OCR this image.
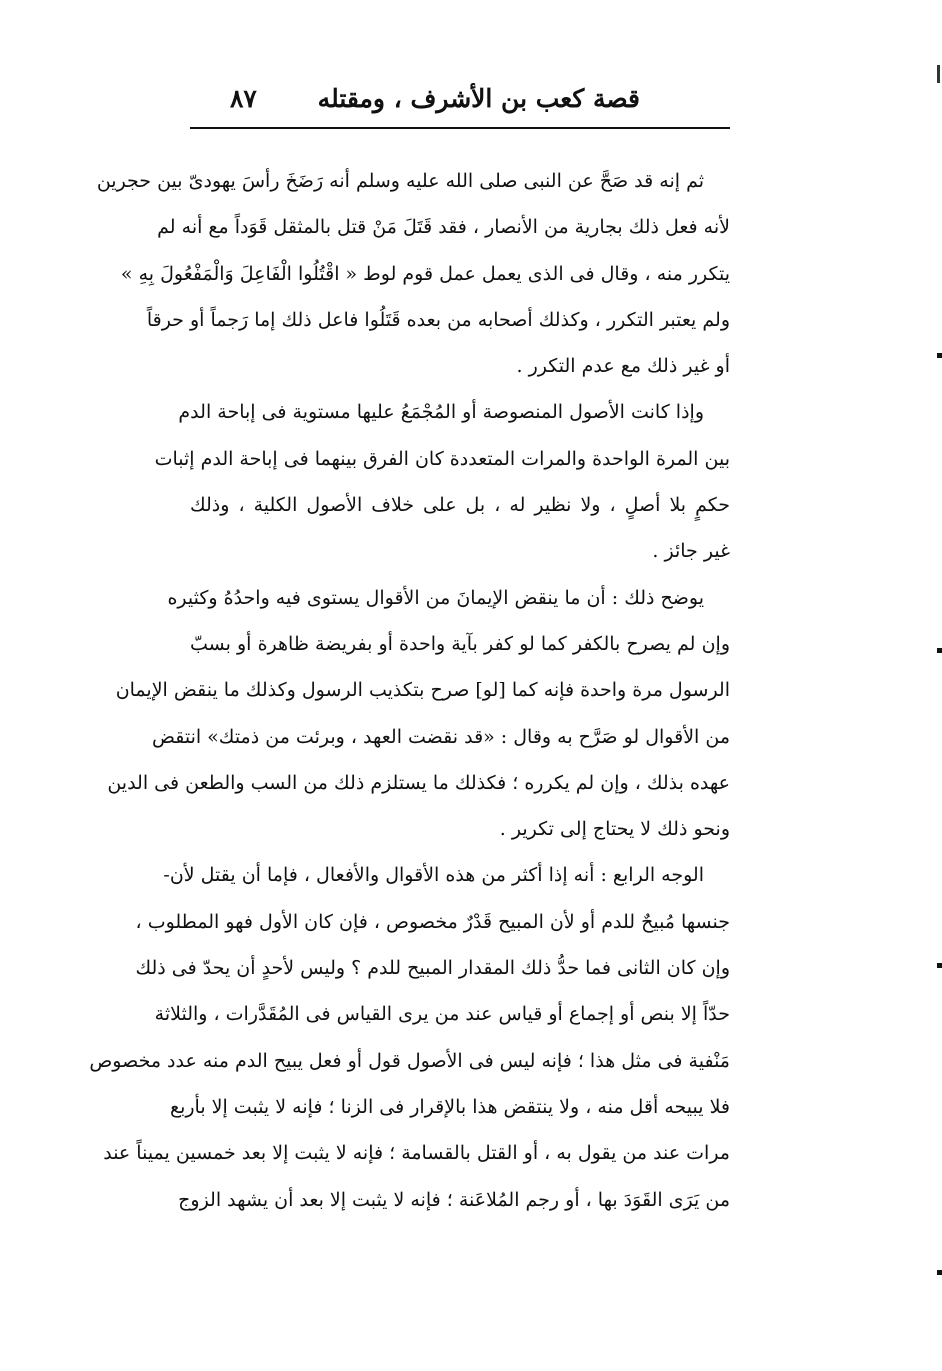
قصة كعب بن الأشرف ، ومقتله
٨٧
ثم إنه قد صَحَّ عن النبى صلى الله عليه وسلم أنه رَضَخَ رأسَ يهودىّ بين حجرين
لأنه فعل ذلك بجارية من الأنصار ، فقد قَتَلَ مَنْ قتل بالمثقل قَوَداً مع أنه لم
يتكرر منه ، وقال فى الذى يعمل عمل قوم لوط « اقْتُلُوا الْفَاعِلَ وَالْمَفْعُولَ بِهِ »
ولم يعتبر التكرر ، وكذلك أصحابه من بعده قَتَلُوا فاعل ذلك إما رَجماً أو حرقاً
أو غير ذلك مع عدم التكرر .
وإذا كانت الأصول المنصوصة أو المُجْمَعُ عليها مستوية فى إباحة الدم
بين المرة الواحدة والمرات المتعددة كان الفرق بينهما فى إباحة الدم إثبات
حكمٍ بلا أصلٍ ، ولا نظير له ، بل على خلاف الأصول الكلية ، وذلك
غير جائز .
يوضح ذلك : أن ما ينقض الإيمانَ من الأقوال يستوى فيه واحدُهُ وكثيره
وإن لم يصرح بالكفر كما لو كفر بآية واحدة أو بفريضة ظاهرة أو بسبّ
الرسول مرة واحدة فإنه كما [لو] صرح بتكذيب الرسول وكذلك ما ينقض الإيمان
من الأقوال لو صَرَّح به وقال : «قد نقضت العهد ، وبرئت من ذمتك» انتقض
عهده بذلك ، وإن لم يكرره ؛ فكذلك ما يستلزم ذلك من السب والطعن فى الدين
ونحو ذلك لا يحتاج إلى تكرير .
الوجه الرابع : أنه إذا أكثر من هذه الأقوال والأفعال ، فإما أن يقتل لأن-
جنسها مُبيحٌ للدم أو لأن المبيح قَدْرٌ مخصوص ، فإن كان الأول فهو المطلوب ،
وإن كان الثانى فما حدُّ ذلك المقدار المبيح للدم ؟ وليس لأحدٍ أن يحدّ فى ذلك
حدّاً إلا بنص أو إجماع أو قياس عند من يرى القياس فى المُقَدَّرات ، والثلاثة
مَنْفية فى مثل هذا ؛ فإنه ليس فى الأصول قول أو فعل يبيح الدم منه عدد مخصوص
فلا يبيحه أقل منه ، ولا ينتقض هذا بالإقرار فى الزنا ؛ فإنه لا يثبت إلا بأربع
مرات عند من يقول به ، أو القتل بالقسامة ؛ فإنه لا يثبت إلا بعد خمسين يميناً عند
من يَرَى القَوَدَ بها ، أو رجم المُلاعَنة ؛ فإنه لا يثبت إلا بعد أن يشهد الزوج
